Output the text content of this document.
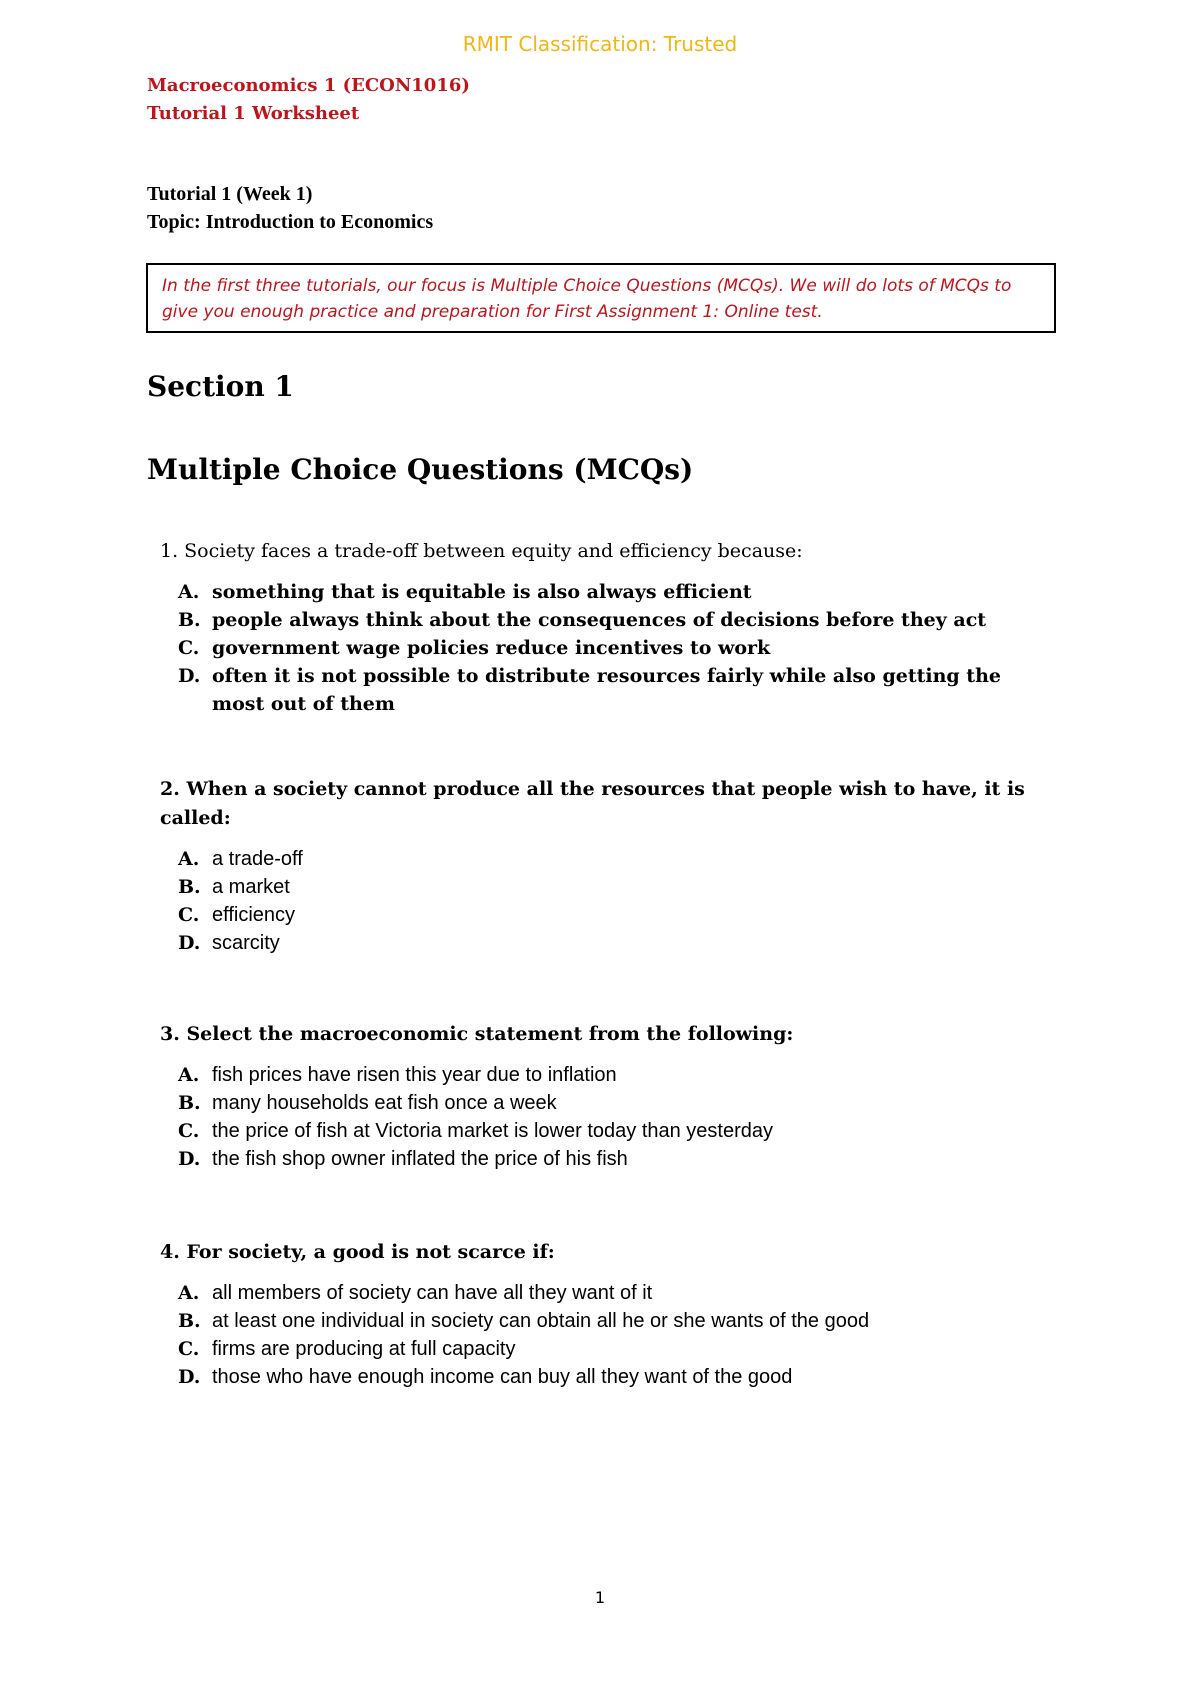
RMIT Classification: Trusted
Macroeconomics 1 (ECON1016)
Tutorial 1 Worksheet
Tutorial 1 (Week 1)
Topic: Introduction to Economics
In the first three tutorials, our focus is Multiple Choice Questions (MCQs). We will do lots of MCQs to give you enough practice and preparation for First Assignment 1: Online test.
Section 1
Multiple Choice Questions (MCQs)

1. Society faces a trade-off between equity and efficiency because:

A. something that is equitable is also always efficient
B. people always think about the consequences of decisions before they act
C. government wage policies reduce incentives to work
D. often it is not possible to distribute resources fairly while also getting the most out of them

2. When a society cannot produce all the resources that people wish to have, it is called:

A. a trade-off
B. a market
C. efficiency
D. scarcity

3. Select the macroeconomic statement from the following:

A. fish prices have risen this year due to inflation
B. many households eat fish once a week
C. the price of fish at Victoria market is lower today than yesterday
D. the fish shop owner inflated the price of his fish

4. For society, a good is not scarce if:

A. all members of society can have all they want of it
B. at least one individual in society can obtain all he or she wants of the good
C. firms are producing at full capacity
D. those who have enough income can buy all they want of the good
1
